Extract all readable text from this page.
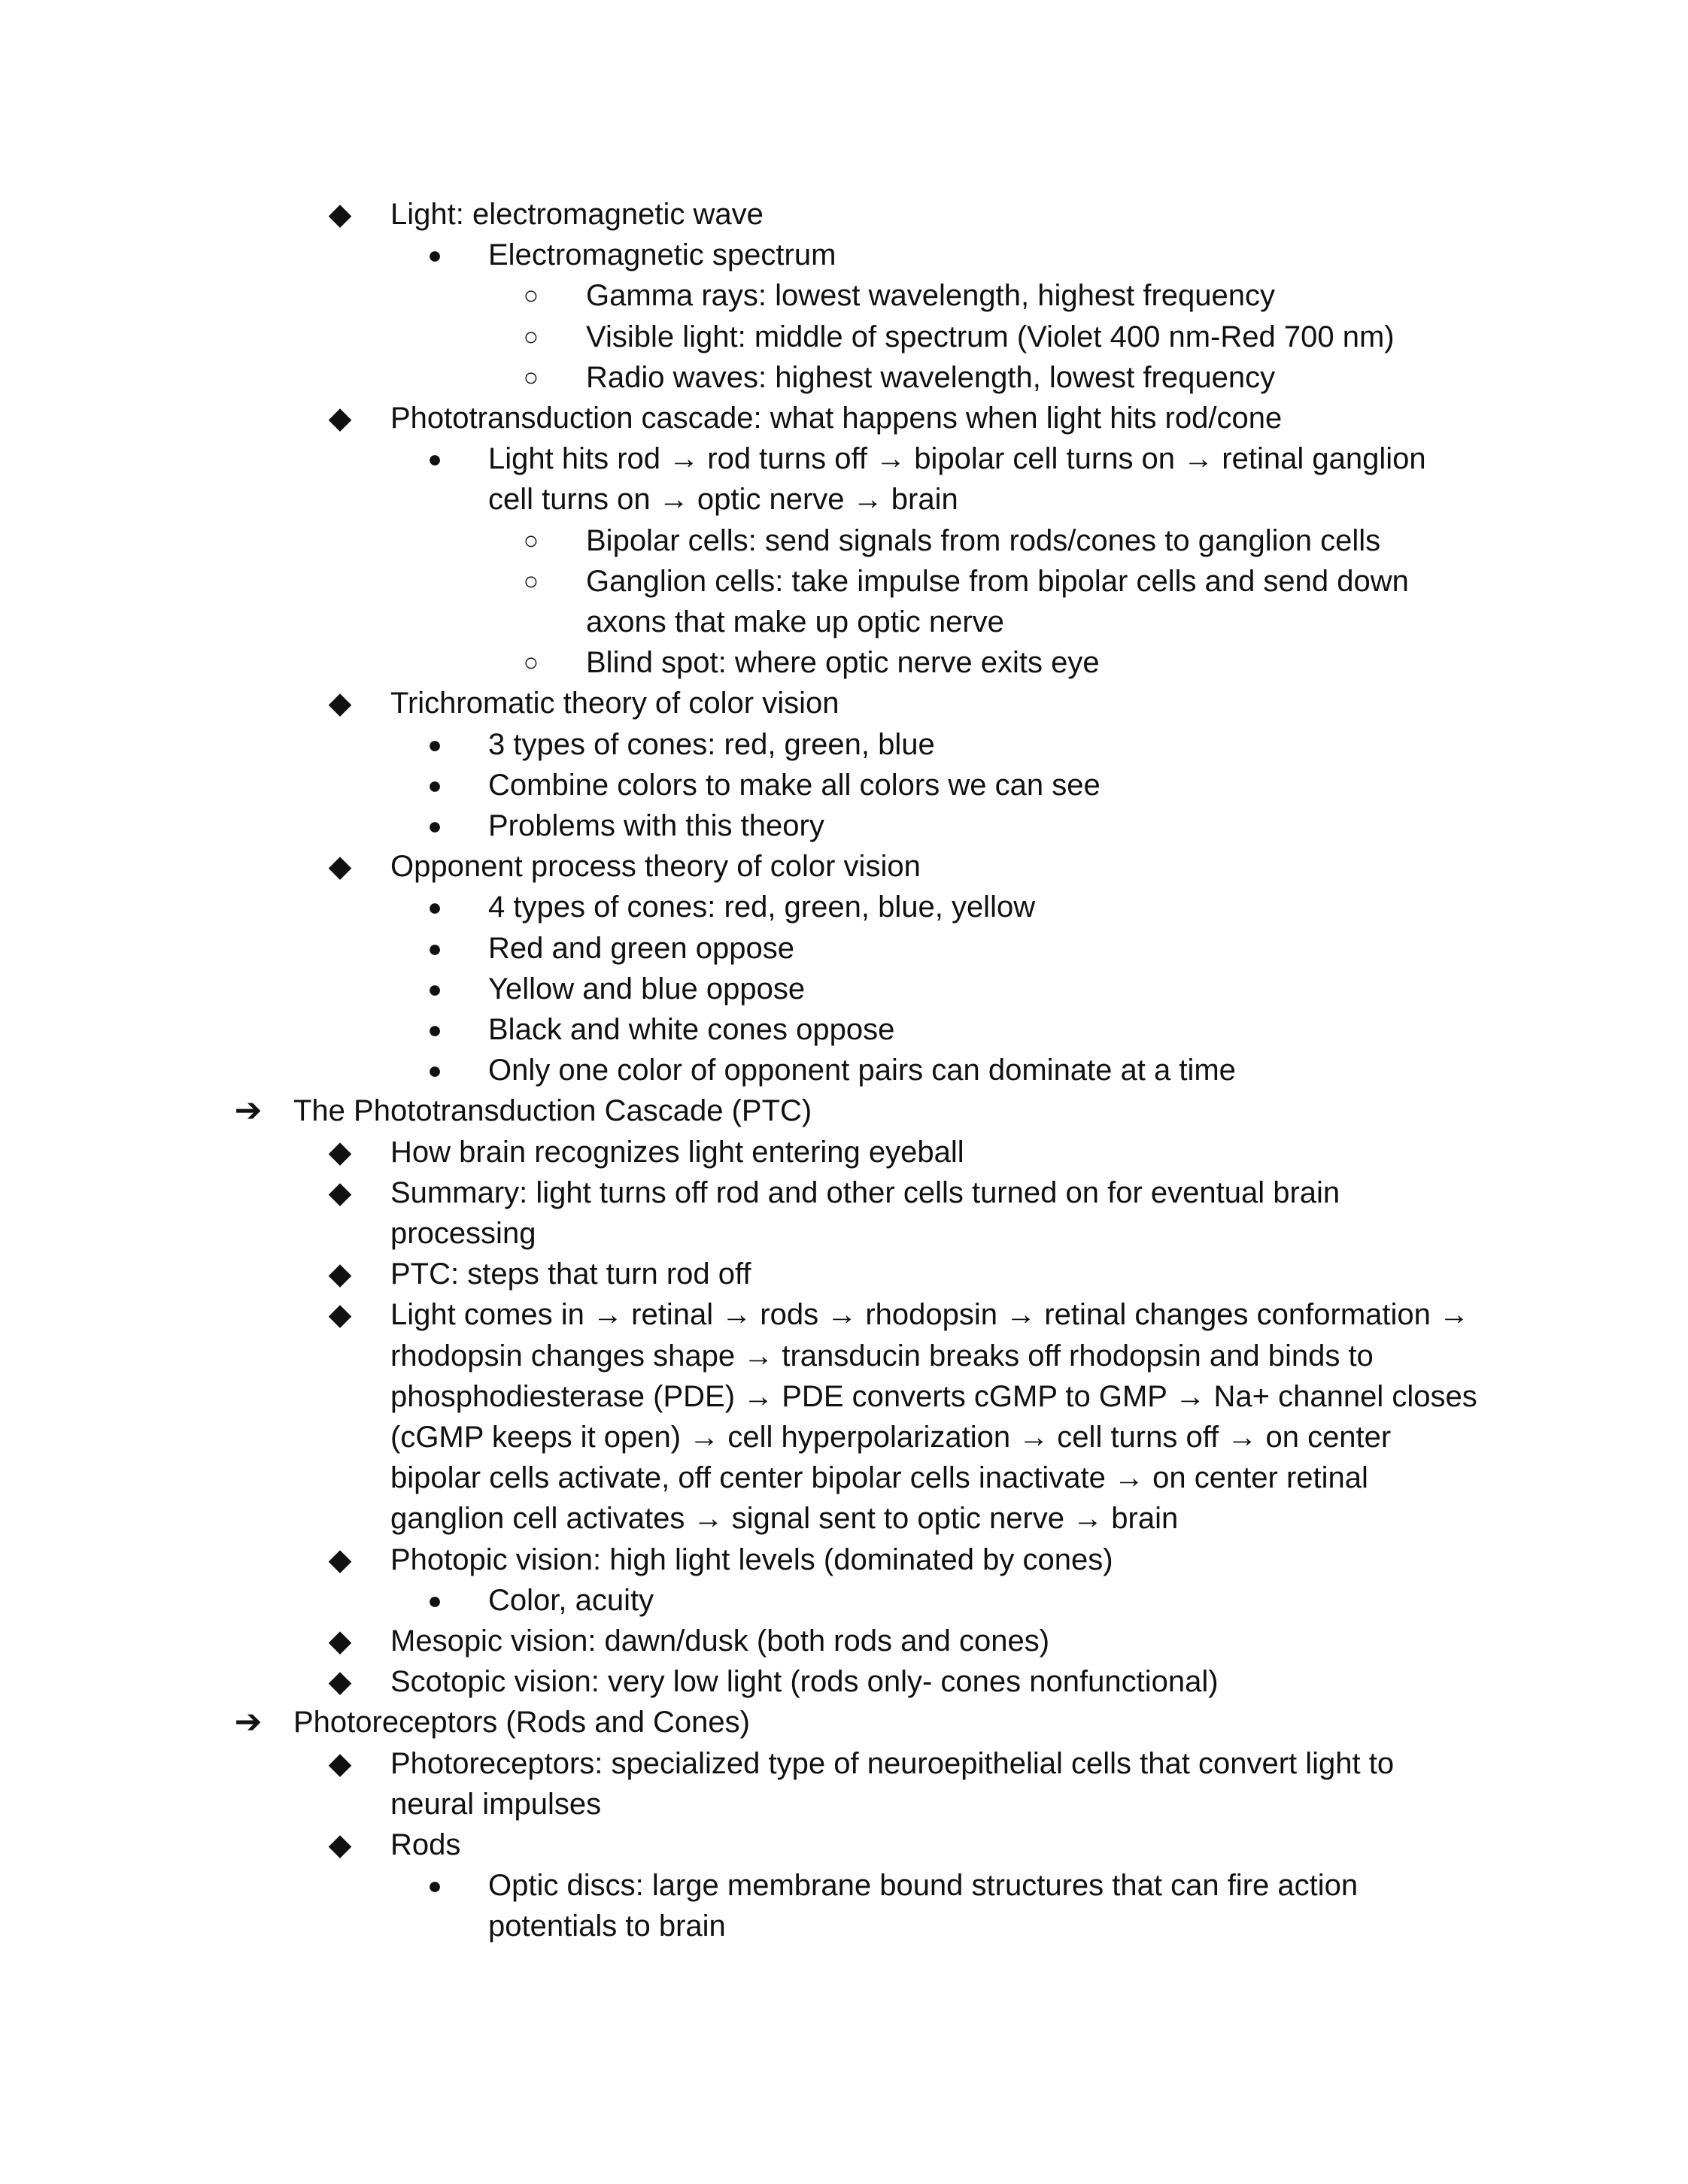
◆	Light: electromagnetic wave
●	Electromagnetic spectrum
○	Gamma rays: lowest wavelength, highest frequency
○	Visible light: middle of spectrum (Violet 400 nm-Red 700 nm)
○	Radio waves: highest wavelength, lowest frequency
◆	Phototransduction cascade: what happens when light hits rod/cone
●	Light hits rod → rod turns off → bipolar cell turns on → retinal ganglion
cell turns on → optic nerve → brain
○	Bipolar cells: send signals from rods/cones to ganglion cells
○	Ganglion cells: take impulse from bipolar cells and send down
axons that make up optic nerve
○	Blind spot: where optic nerve exits eye
◆	Trichromatic theory of color vision
●	3 types of cones: red, green, blue
●	Combine colors to make all colors we can see
●	Problems with this theory
◆	Opponent process theory of color vision
●	4 types of cones: red, green, blue, yellow
●	Red and green oppose
●	Yellow and blue oppose
●	Black and white cones oppose
●	Only one color of opponent pairs can dominate at a time
➔ The Phototransduction Cascade (PTC)
◆	How brain recognizes light entering eyeball
◆	Summary: light turns off rod and other cells turned on for eventual brain
processing
◆	PTC: steps that turn rod off
◆	Light comes in → retinal → rods → rhodopsin → retinal changes conformation →
rhodopsin changes shape → transducin breaks off rhodopsin and binds to
phosphodiesterase (PDE) → PDE converts cGMP to GMP → Na+ channel closes
(cGMP keeps it open) → cell hyperpolarization → cell turns off → on center
bipolar cells activate, off center bipolar cells inactivate → on center retinal
ganglion cell activates → signal sent to optic nerve → brain
◆	Photopic vision: high light levels (dominated by cones)
●	Color, acuity
◆	Mesopic vision: dawn/dusk (both rods and cones)
◆	Scotopic vision: very low light (rods only- cones nonfunctional)
➔ Photoreceptors (Rods and Cones)
◆	Photoreceptors: specialized type of neuroepithelial cells that convert light to
neural impulses
◆	Rods
●	Optic discs: large membrane bound structures that can fire action
potentials to brain
